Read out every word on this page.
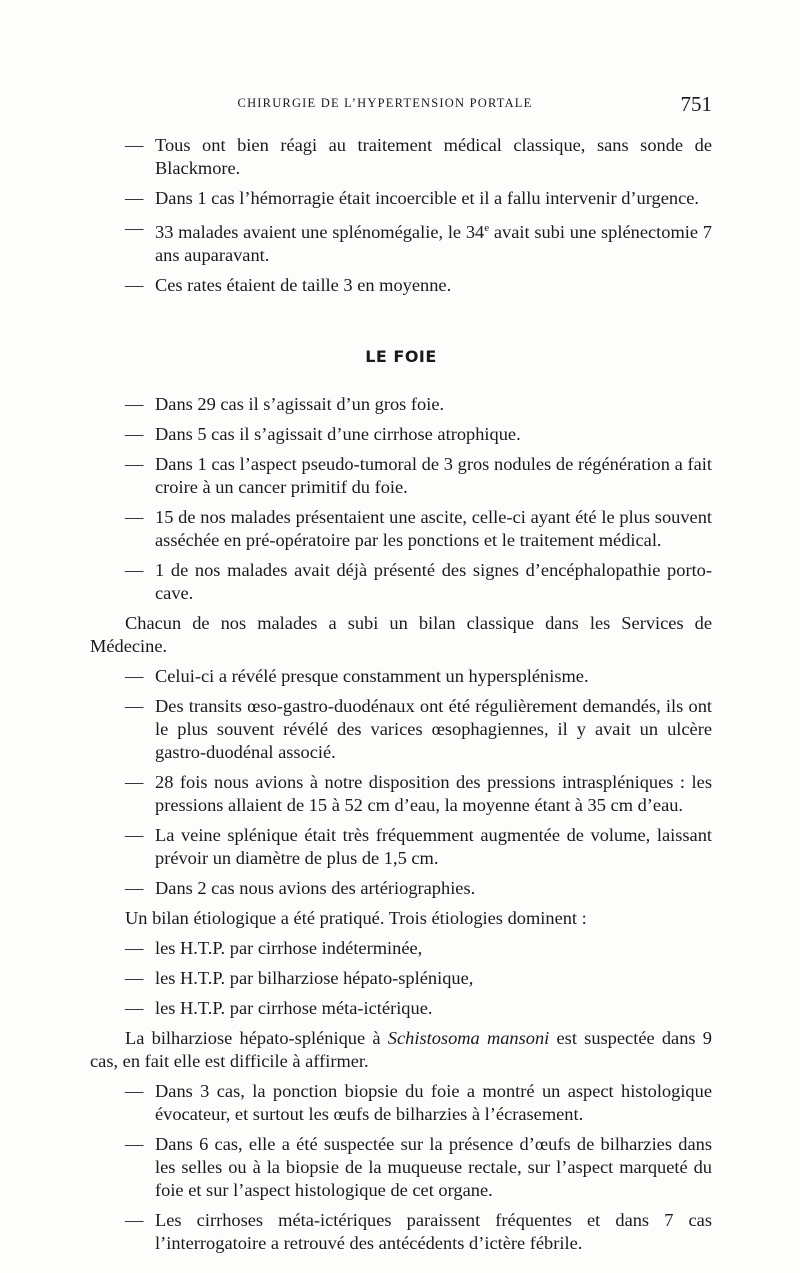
CHIRURGIE DE L’HYPERTENSION PORTALE	751
— Tous ont bien réagi au traitement médical classique, sans sonde de Blackmore.
— Dans 1 cas l’hémorragie était incoercible et il a fallu intervenir d’urgence.
— 33 malades avaient une splénomégalie, le 34e avait subi une splénectomie 7 ans auparavant.
— Ces rates étaient de taille 3 en moyenne.
LE FOIE
— Dans 29 cas il s’agissait d’un gros foie.
— Dans 5 cas il s’agissait d’une cirrhose atrophique.
— Dans 1 cas l’aspect pseudo-tumoral de 3 gros nodules de régénération a fait croire à un cancer primitif du foie.
— 15 de nos malades présentaient une ascite, celle-ci ayant été le plus souvent asséchée en pré-opératoire par les ponctions et le traitement médical.
— 1 de nos malades avait déjà présenté des signes d’encéphalopathie porto-cave.

Chacun de nos malades a subi un bilan classique dans les Services de Médecine.

— Celui-ci a révélé presque constamment un hypersplénisme.
— Des transits œso-gastro-duodénaux ont été régulièrement demandés, ils ont le plus souvent révélé des varices œsophagiennes, il y avait un ulcère gastro-duodénal associé.
— 28 fois nous avions à notre disposition des pressions intraspléniques : les pressions allaient de 15 à 52 cm d’eau, la moyenne étant à 35 cm d’eau.
— La veine splénique était très fréquemment augmentée de volume, laissant prévoir un diamètre de plus de 1,5 cm.
— Dans 2 cas nous avions des artériographies.

Un bilan étiologique a été pratiqué. Trois étiologies dominent :

— les H.T.P. par cirrhose indéterminée,
— les H.T.P. par bilharziose hépato-splénique,
— les H.T.P. par cirrhose méta-ictérique.

La bilharziose hépato-splénique à Schistosoma mansoni est suspectée dans 9 cas, en fait elle est difficile à affirmer.

— Dans 3 cas, la ponction biopsie du foie a montré un aspect histologique évocateur, et surtout les œufs de bilharzies à l’écrasement.
— Dans 6 cas, elle a été suspectée sur la présence d’œufs de bilharzies dans les selles ou à la biopsie de la muqueuse rectale, sur l’aspect marqueté du foie et sur l’aspect histologique de cet organe.
— Les cirrhoses méta-ictériques paraissent fréquentes et dans 7 cas l’interrogatoire a retrouvé des antécédents d’ictère fébrile.
